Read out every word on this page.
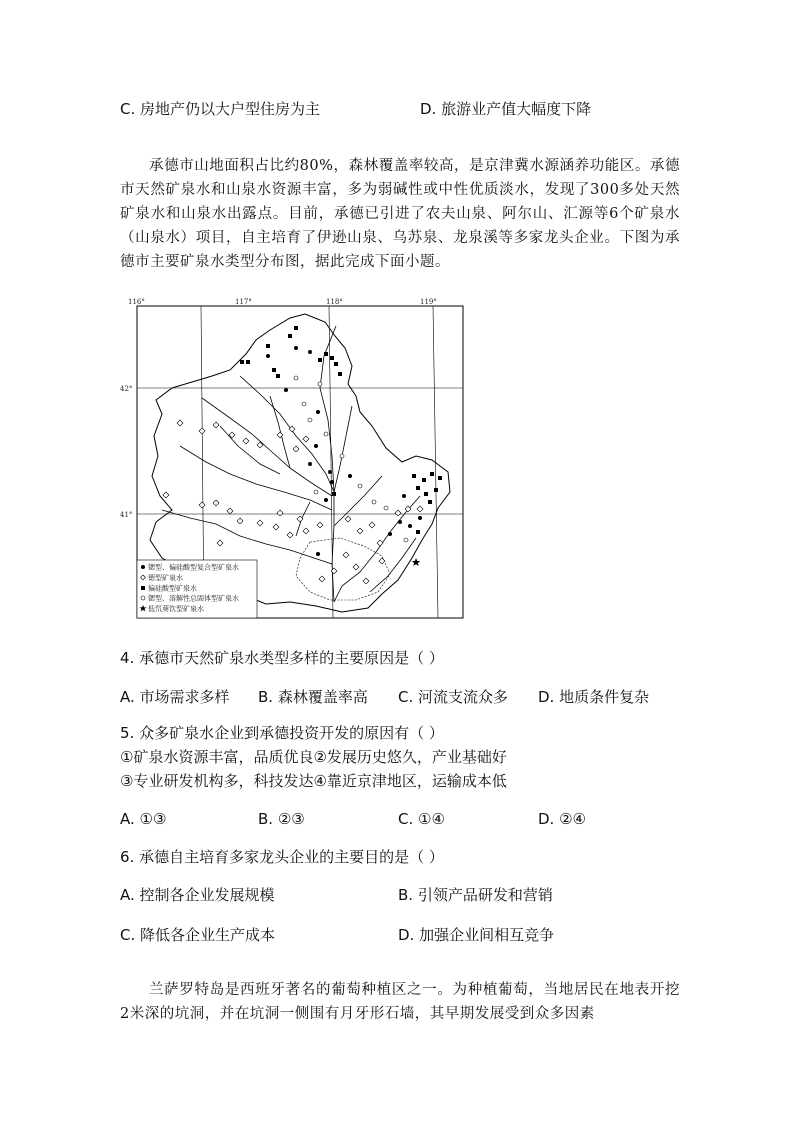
C. 房地产仍以大户型住房为主	D. 旅游业产值大幅度下降

承德市山地面积占比约80%，森林覆盖率较高，是京津冀水源涵养功能区。承德市天然矿泉水和山泉水资源丰富，多为弱碱性或中性优质淡水，发现了300多处天然矿泉水和山泉水出露点。目前，承德已引进了农夫山泉、阿尔山、汇源等6个矿泉水（山泉水）项目，自主培育了伊逊山泉、乌苏泉、龙泉溪等多家龙头企业。下图为承德市主要矿泉水类型分布图，据此完成下面小题。

116°	117°	118°	119°
42°
41°
锶型、偏硅酸型复合型矿泉水
锶型矿泉水
偏硅酸型矿泉水
锶型、溶解性总固体型矿泉水
低氘葵饮型矿泉水
4. 承德市天然矿泉水类型多样的主要原因是（ ）
A. 市场需求多样 B. 森林覆盖率高 C. 河流支流众多 D. 地质条件复杂
5. 众多矿泉水企业到承德投资开发的原因有（ ）
①矿泉水资源丰富，品质优良②发展历史悠久，产业基础好
③专业研发机构多，科技发达④靠近京津地区，运输成本低
A. ①③	B. ②③	C. ①④	D. ②④
6. 承德自主培育多家龙头企业的主要目的是（ ）
A. 控制各企业发展规模	B. 引领产品研发和营销
C. 降低各企业生产成本	D. 加强企业间相互竞争

兰萨罗特岛是西班牙著名的葡萄种植区之一。为种植葡萄，当地居民在地表开挖2米深的坑洞，并在坑洞一侧围有月牙形石墙，其早期发展受到众多因素
